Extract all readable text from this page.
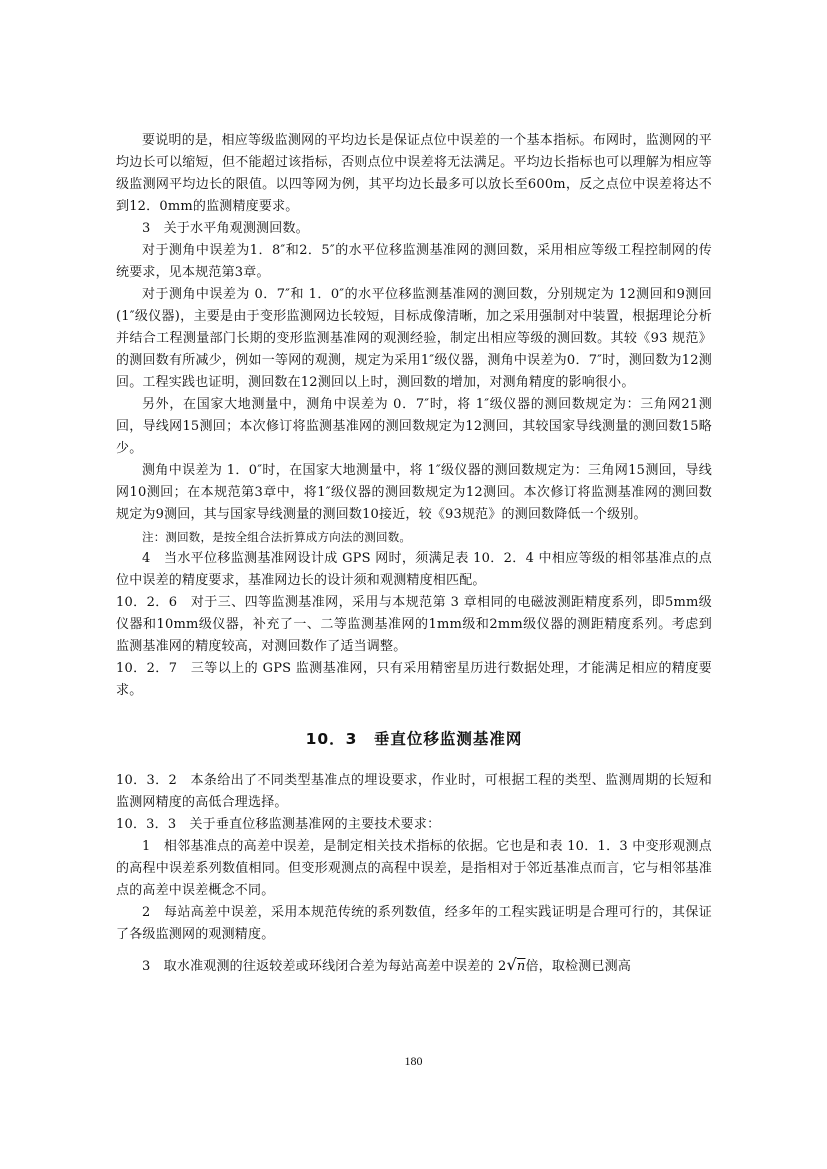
要说明的是，相应等级监测网的平均边长是保证点位中误差的一个基本指标。布网时，监测网的平均边长可以缩短，但不能超过该指标，否则点位中误差将无法满足。平均边长指标也可以理解为相应等级监测网平均边长的限值。以四等网为例，其平均边长最多可以放长至600m，反之点位中误差将达不到12．0mm的监测精度要求。

3　关于水平角观测测回数。

对于测角中误差为1．8″和2．5″的水平位移监测基准网的测回数，采用相应等级工程控制网的传统要求，见本规范第3章。

对于测角中误差为 0．7″和 1．0″的水平位移监测基准网的测回数，分别规定为 12测回和9测回(1″级仪器)，主要是由于变形监测网边长较短，目标成像清晰，加之采用强制对中装置，根据理论分析并结合工程测量部门长期的变形监测基准网的观测经验，制定出相应等级的测回数。其较《93 规范》的测回数有所减少，例如一等网的观测，规定为采用1″级仪器，测角中误差为0．7″时，测回数为12测回。工程实践也证明，测回数在12测回以上时，测回数的增加，对测角精度的影响很小。

另外，在国家大地测量中，测角中误差为 0．7″时，将 1″级仪器的测回数规定为：三角网21测回，导线网15测回；本次修订将监测基准网的测回数规定为12测回，其较国家导线测量的测回数15略少。

测角中误差为 1．0″时，在国家大地测量中，将 1″级仪器的测回数规定为：三角网15测回，导线网10测回；在本规范第3章中，将1″级仪器的测回数规定为12测回。本次修订将监测基准网的测回数规定为9测回，其与国家导线测量的测回数10接近，较《93规范》的测回数降低一个级别。

注：测回数，是按全组合法折算成方向法的测回数。

4　当水平位移监测基准网设计成 GPS 网时，须满足表 10．2．4 中相应等级的相邻基准点的点位中误差的精度要求，基准网边长的设计须和观测精度相匹配。

10．2．6　对于三、四等监测基准网，采用与本规范第 3 章相同的电磁波测距精度系列，即5mm级仪器和10mm级仪器，补充了一、二等监测基准网的1mm级和2mm级仪器的测距精度系列。考虑到监测基准网的精度较高，对测回数作了适当调整。

10．2．7　三等以上的 GPS 监测基准网，只有采用精密星历进行数据处理，才能满足相应的精度要求。

10．3　垂直位移监测基准网

10．3．2　本条给出了不同类型基准点的埋设要求，作业时，可根据工程的类型、监测周期的长短和监测网精度的高低合理选择。

10．3．3　关于垂直位移监测基准网的主要技术要求：

1　相邻基准点的高差中误差，是制定相关技术指标的依据。它也是和表 10．1．3 中变形观测点的高程中误差系列数值相同。但变形观测点的高程中误差，是指相对于邻近基准点而言，它与相邻基准点的高差中误差概念不同。

2　每站高差中误差，采用本规范传统的系列数值，经多年的工程实践证明是合理可行的，其保证了各级监测网的观测精度。

3　取水准观测的往返较差或环线闭合差为每站高差中误差的 2√n倍，取检测已测高

180
